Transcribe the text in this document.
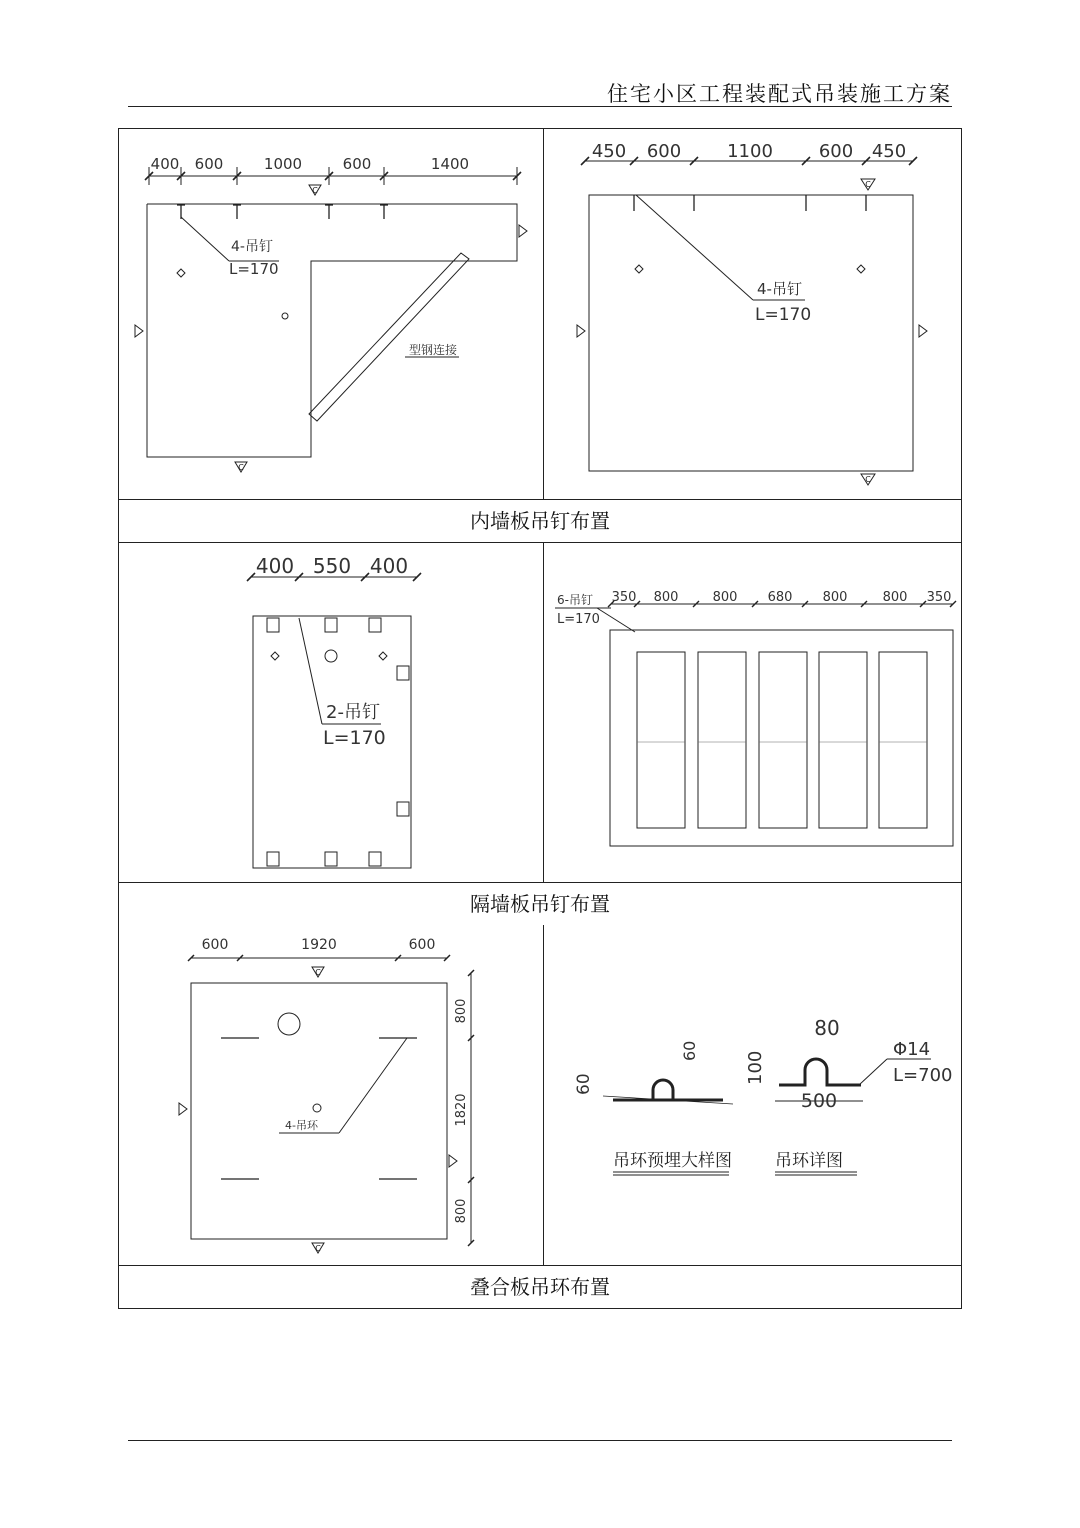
住宅小区工程装配式吊装施工方案
400 600	1000	600	1400
4-吊钉
L=170
型钢连接
C
C
450 600	1100	600 450
4-吊钉
L=170
C
C
内墙板吊钉布置
400 550 400
2-吊钉
L=170
350 800	800 680 800	800 350
6-吊钉
L=170
隔墙板吊钉布置
600	1920	600
800
1820
800
4-吊环
C
C
60
60	100
80
Φ14
L=700
500
吊环预埋大样图	吊环详图
叠合板吊环布置
